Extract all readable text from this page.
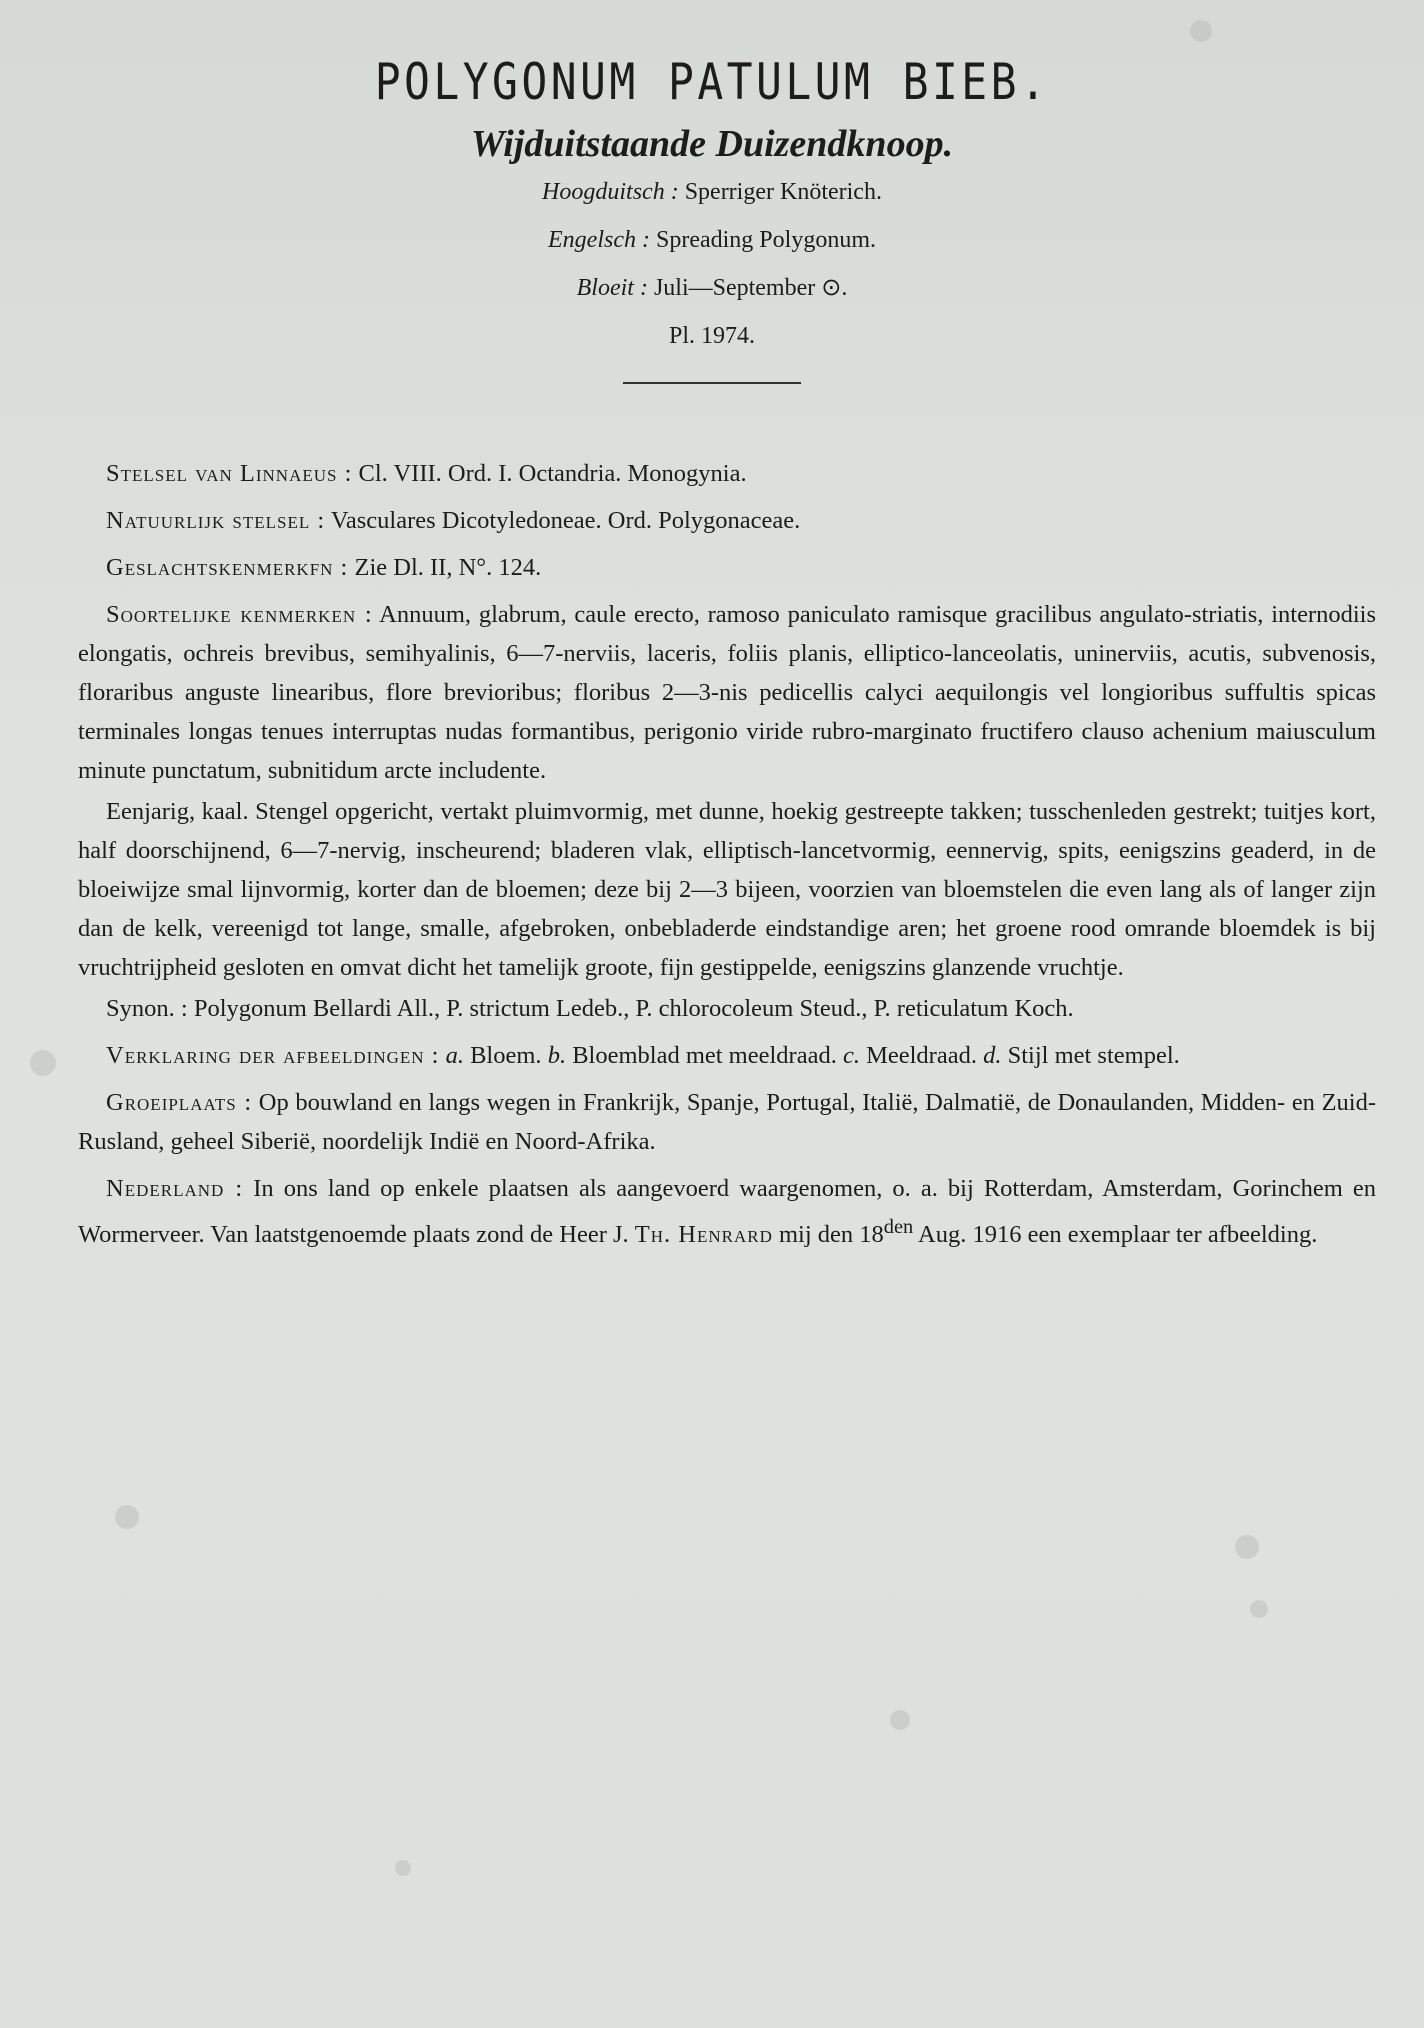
POLYGONUM PATULUM BIEB.
Wijduitstaande Duizendknoop.
Hoogduitsch : Sperriger Knöterich.
Engelsch : Spreading Polygonum.
Bloeit : Juli—September ⊙.
Pl. 1974.

Stelsel van Linnaeus : Cl. VIII. Ord. I. Octandria. Monogynia.

Natuurlijk stelsel : Vasculares Dicotyledoneae. Ord. Polygonaceae.

Geslachtskenmerkfn : Zie Dl. II, N°. 124.

Soortelijke kenmerken : Annuum, glabrum, caule erecto, ramoso paniculato ramisque gracilibus angulato-striatis, internodiis elongatis, ochreis brevibus, semihyalinis, 6—7-nerviis, laceris, foliis planis, elliptico-lanceolatis, uninerviis, acutis, subvenosis, floraribus anguste linearibus, flore brevioribus; floribus 2—3-nis pedicellis calyci aequilongis vel longioribus suffultis spicas terminales longas tenues interruptas nudas formantibus, perigonio viride rubro-marginato fructifero clauso achenium maiusculum minute punctatum, subnitidum arcte includente.

Eenjarig, kaal. Stengel opgericht, vertakt pluimvormig, met dunne, hoekig gestreepte takken; tusschenleden gestrekt; tuitjes kort, half doorschijnend, 6—7-nervig, inscheurend; bladeren vlak, elliptisch-lancetvormig, eennervig, spits, eenigszins geaderd, in de bloeiwijze smal lijnvormig, korter dan de bloemen; deze bij 2—3 bijeen, voorzien van bloemstelen die even lang als of langer zijn dan de kelk, vereenigd tot lange, smalle, afgebroken, onbebladerde eindstandige aren; het groene rood omrande bloemdek is bij vruchtrijpheid gesloten en omvat dicht het tamelijk groote, fijn gestippelde, eenigszins glanzende vruchtje.

Synon. : Polygonum Bellardi All., P. strictum Ledeb., P. chlorocoleum Steud., P. reticulatum Koch.

Verklaring der afbeeldingen : a. Bloem. b. Bloemblad met meeldraad. c. Meeldraad. d. Stijl met stempel.

Groeiplaats : Op bouwland en langs wegen in Frankrijk, Spanje, Portugal, Italië, Dalmatië, de Donaulanden, Midden- en Zuid-Rusland, geheel Siberië, noordelijk Indië en Noord-Afrika.

Nederland : In ons land op enkele plaatsen als aangevoerd waargenomen, o. a. bij Rotterdam, Amsterdam, Gorinchem en Wormerveer. Van laatstgenoemde plaats zond de Heer J. Th. Henrard mij den $18^{den}$ Aug. 1916 een exemplaar ter afbeelding.
